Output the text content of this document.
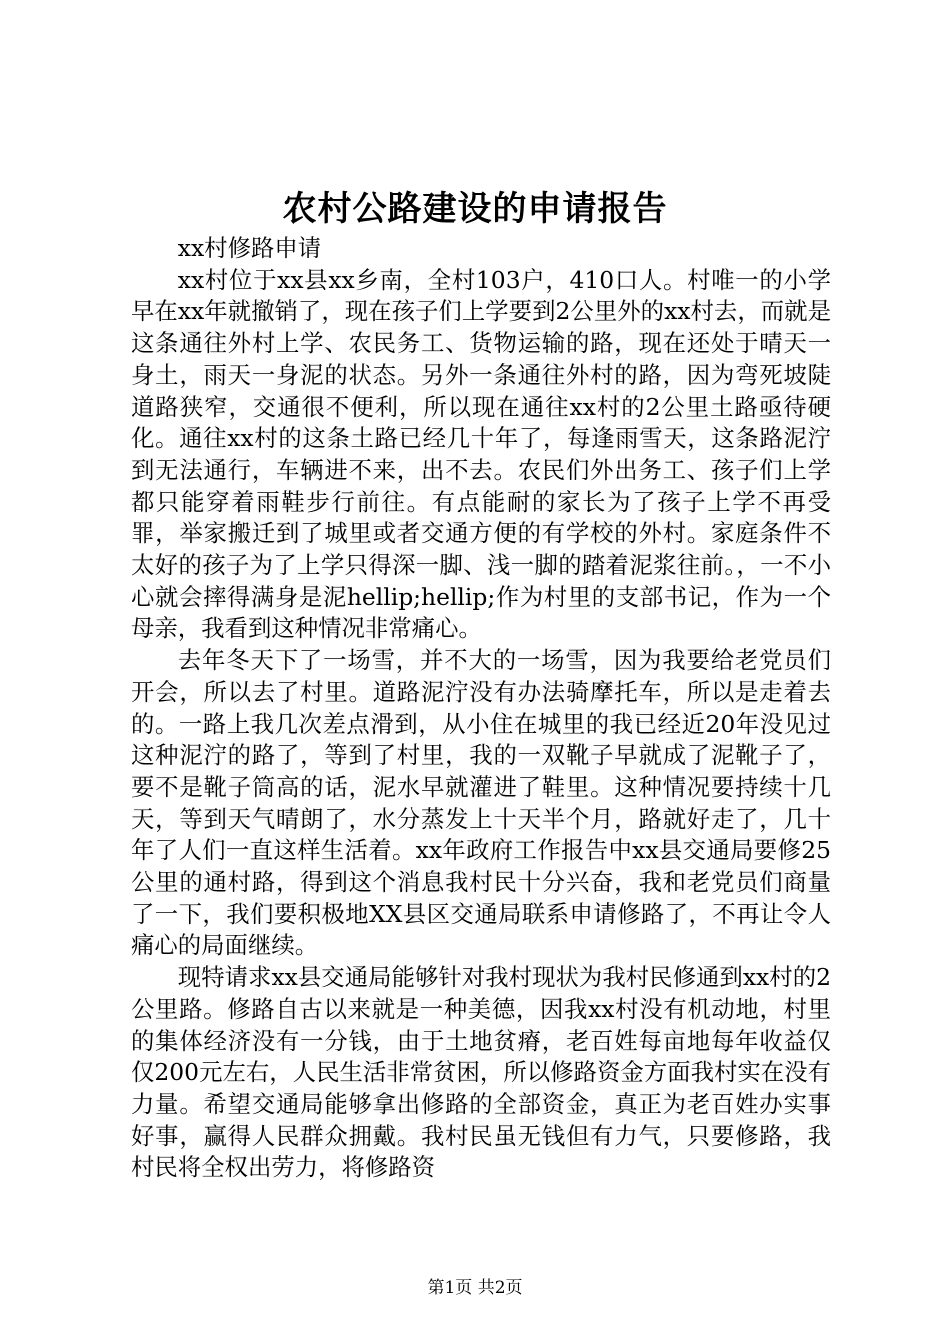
农村公路建设的申请报告

xx村修路申请

xx村位于xx县xx乡南，全村103户，410口人。村唯一的小学早在xx年就撤销了，现在孩子们上学要到2公里外的xx村去，而就是这条通往外村上学、农民务工、货物运输的路，现在还处于晴天一身土，雨天一身泥的状态。另外一条通往外村的路，因为弯死坡陡道路狭窄，交通很不便利，所以现在通往xx村的2公里土路亟待硬化。通往xx村的这条土路已经几十年了，每逢雨雪天，这条路泥泞到无法通行，车辆进不来，出不去。农民们外出务工、孩子们上学都只能穿着雨鞋步行前往。有点能耐的家长为了孩子上学不再受罪，举家搬迁到了城里或者交通方便的有学校的外村。家庭条件不太好的孩子为了上学只得深一脚、浅一脚的踏着泥浆往前。，一不小心就会摔得满身是泥hellip;hellip;作为村里的支部书记，作为一个母亲，我看到这种情况非常痛心。

去年冬天下了一场雪，并不大的一场雪，因为我要给老党员们开会，所以去了村里。道路泥泞没有办法骑摩托车，所以是走着去的。一路上我几次差点滑到，从小住在城里的我已经近20年没见过这种泥泞的路了，等到了村里，我的一双靴子早就成了泥靴子了，要不是靴子筒高的话，泥水早就灌进了鞋里。这种情况要持续十几天，等到天气晴朗了，水分蒸发上十天半个月，路就好走了，几十年了人们一直这样生活着。xx年政府工作报告中xx县交通局要修25公里的通村路，得到这个消息我村民十分兴奋，我和老党员们商量了一下，我们要积极地XX县区交通局联系申请修路了，不再让令人痛心的局面继续。

现特请求xx县交通局能够针对我村现状为我村民修通到xx村的2公里路。修路自古以来就是一种美德，因我xx村没有机动地，村里的集体经济没有一分钱，由于土地贫瘠，老百姓每亩地每年收益仅仅200元左右，人民生活非常贫困，所以修路资金方面我村实在没有力量。希望交通局能够拿出修路的全部资金，真正为老百姓办实事好事，赢得人民群众拥戴。我村民虽无钱但有力气，只要修路，我村民将全权出劳力，将修路资

第1页 共2页
